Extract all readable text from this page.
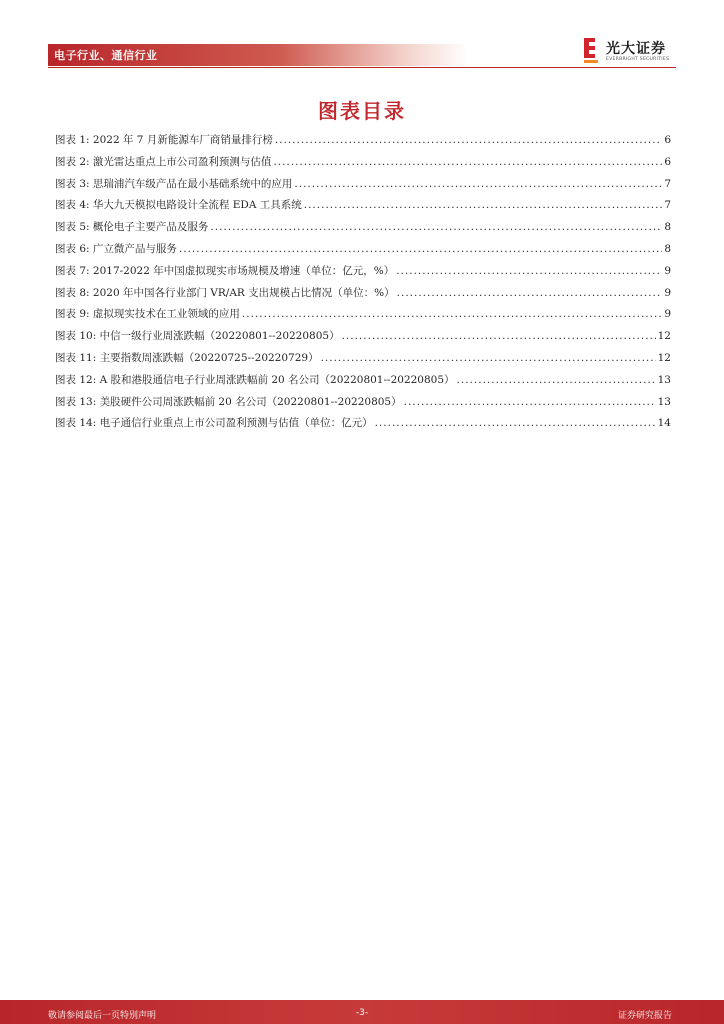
电子行业、通信行业	光大证券
EVERBRIGHT SECURITIES
图表目录
图表 1: 2022 年 7 月新能源车厂商销量排行榜 .....	6
图表 2: 激光雷达重点上市公司盈利预测与估值 .....	6
图表 3: 思瑞浦汽车级产品在最小基础系统中的应用 .....	7
图表 4: 华大九天模拟电路设计全流程 EDA 工具系统 .....	7
图表 5: 概伦电子主要产品及服务 .....	8
图表 6: 广立微产品与服务 .....	8
图表 7: 2017-2022 年中国虚拟现实市场规模及增速（单位：亿元，%） .....	9
图表 8: 2020 年中国各行业部门 VR/AR 支出规模占比情况（单位：%） .....	9
图表 9: 虚拟现实技术在工业领域的应用 .....	9
图表 10: 中信一级行业周涨跌幅（20220801--20220805） .....	12
图表 11: 主要指数周涨跌幅（20220725--20220729） .....	12
图表 12: A 股和港股通信电子行业周涨跌幅前 20 名公司（20220801--20220805） .....	13
图表 13: 美股硬件公司周涨跌幅前 20 名公司（20220801--20220805） .....	13
图表 14: 电子通信行业重点上市公司盈利预测与估值（单位：亿元） .....	14
敬请参阅最后一页特别声明	-3-	证券研究报告
